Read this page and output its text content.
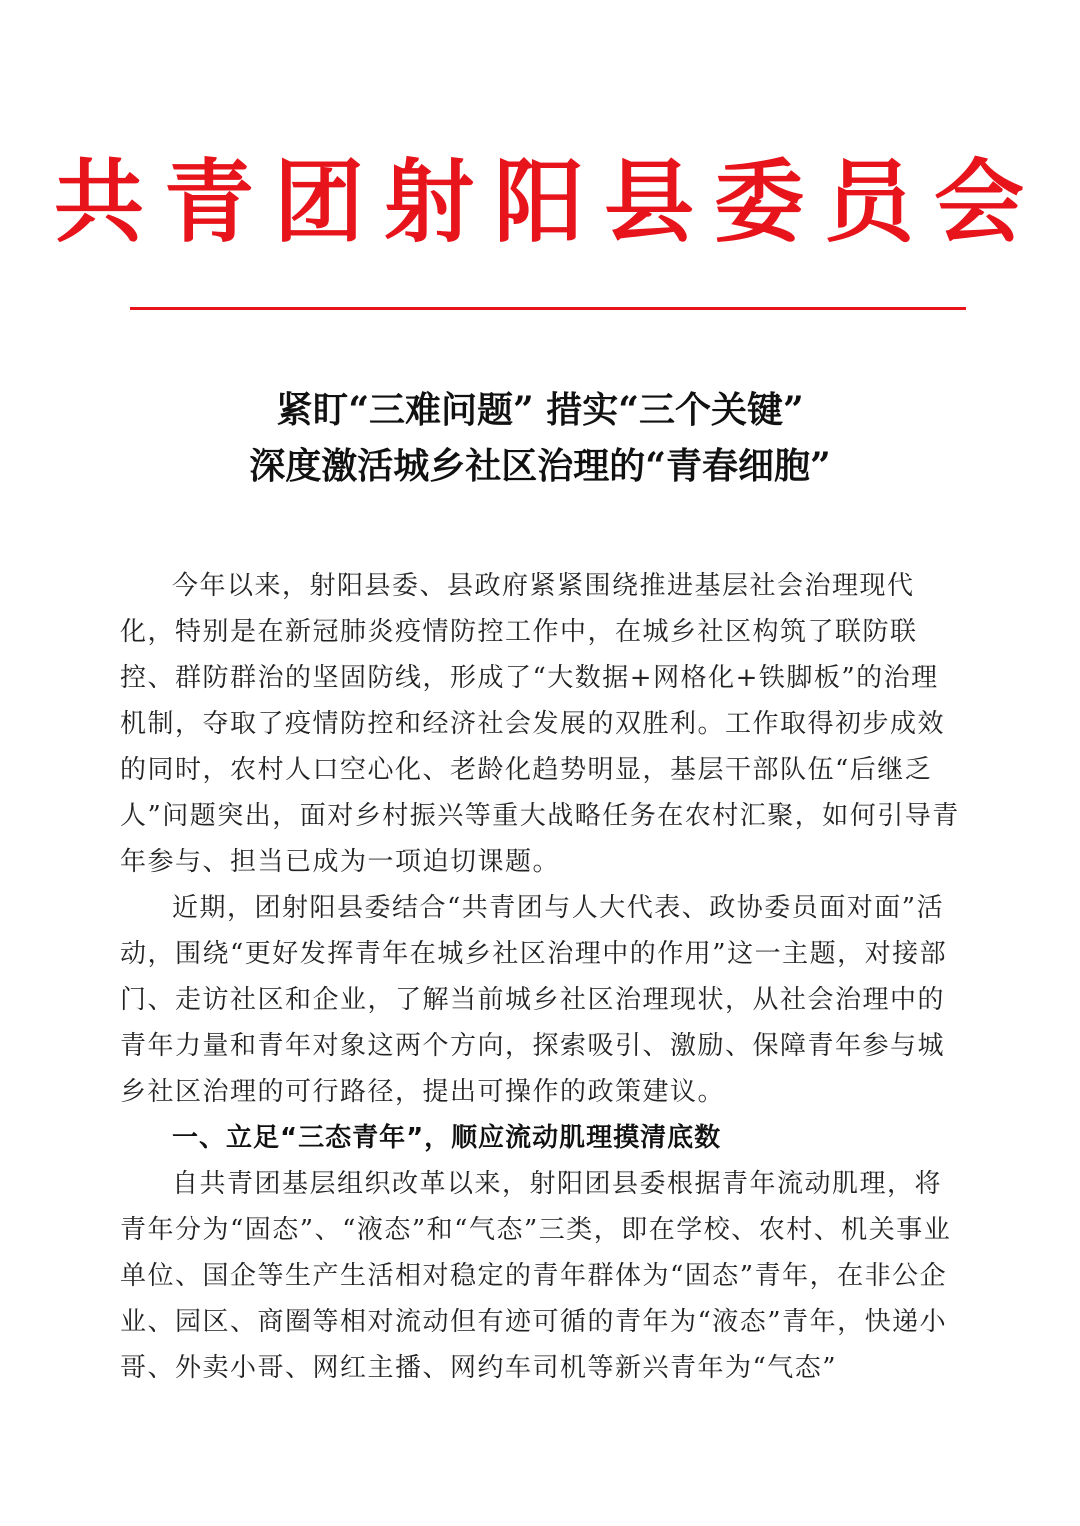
共青团射阳县委员会
紧盯“三难问题” 措实“三个关键”
深度激活城乡社区治理的“青春细胞”

今年以来，射阳县委、县政府紧紧围绕推进基层社会治理现代化，特别是在新冠肺炎疫情防控工作中，在城乡社区构筑了联防联控、群防群治的坚固防线，形成了“大数据+网格化+铁脚板”的治理机制，夺取了疫情防控和经济社会发展的双胜利。工作取得初步成效的同时，农村人口空心化、老龄化趋势明显，基层干部队伍“后继乏人”问题突出，面对乡村振兴等重大战略任务在农村汇聚，如何引导青年参与、担当已成为一项迫切课题。

近期，团射阳县委结合“共青团与人大代表、政协委员面对面”活动，围绕“更好发挥青年在城乡社区治理中的作用”这一主题，对接部门、走访社区和企业，了解当前城乡社区治理现状，从社会治理中的青年力量和青年对象这两个方向，探索吸引、激励、保障青年参与城乡社区治理的可行路径，提出可操作的政策建议。

一、立足“三态青年”，顺应流动肌理摸清底数

自共青团基层组织改革以来，射阳团县委根据青年流动肌理，将青年分为“固态”、“液态”和“气态”三类，即在学校、农村、机关事业单位、国企等生产生活相对稳定的青年群体为“固态”青年，在非公企业、园区、商圈等相对流动但有迹可循的青年为“液态”青年，快递小哥、外卖小哥、网红主播、网约车司机等新兴青年为“气态”
